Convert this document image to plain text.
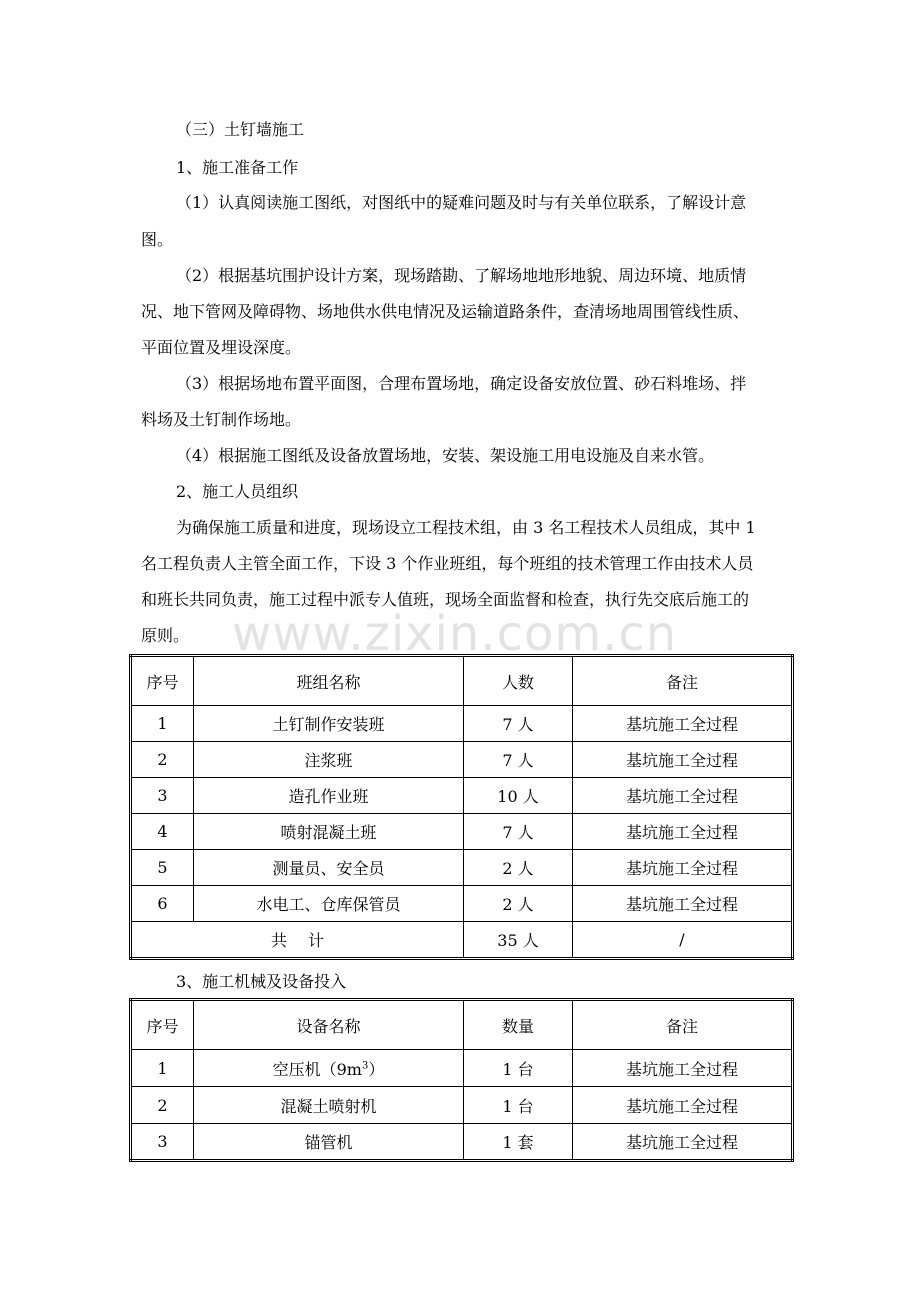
www.zixin.com.cn
（三）土钉墙施工
1、施工准备工作
（1）认真阅读施工图纸，对图纸中的疑难问题及时与有关单位联系，了解设计意
图。
（2）根据基坑围护设计方案，现场踏勘、了解场地地形地貌、周边环境、地质情
况、地下管网及障碍物、场地供水供电情况及运输道路条件，查清场地周围管线性质、
平面位置及埋设深度。
（3）根据场地布置平面图，合理布置场地，确定设备安放位置、砂石料堆场、拌
料场及土钉制作场地。
（4）根据施工图纸及设备放置场地，安装、架设施工用电设施及自来水管。
2、施工人员组织
为确保施工质量和进度，现场设立工程技术组，由 3 名工程技术人员组成，其中 1
名工程负责人主管全面工作，下设 3 个作业班组，每个班组的技术管理工作由技术人员
和班长共同负责，施工过程中派专人值班，现场全面监督和检查，执行先交底后施工的
原则。
序号	班组名称	人数	备注
1	土钉制作安装班	7 人	基坑施工全过程
2	注浆班	7 人	基坑施工全过程
3	造孔作业班	10 人	基坑施工全过程
4	喷射混凝土班	7 人	基坑施工全过程
5	测量员、安全员	2 人	基坑施工全过程
6	水电工、仓库保管员	2 人	基坑施工全过程
共　 计		35 人	/
3、施工机械及设备投入
序号	设备名称	数量	备注
1	空压机$(9m^3)$	1 台	基坑施工全过程
2	混凝土喷射机	1 台	基坑施工全过程
3	锚管机	1 套	基坑施工全过程
